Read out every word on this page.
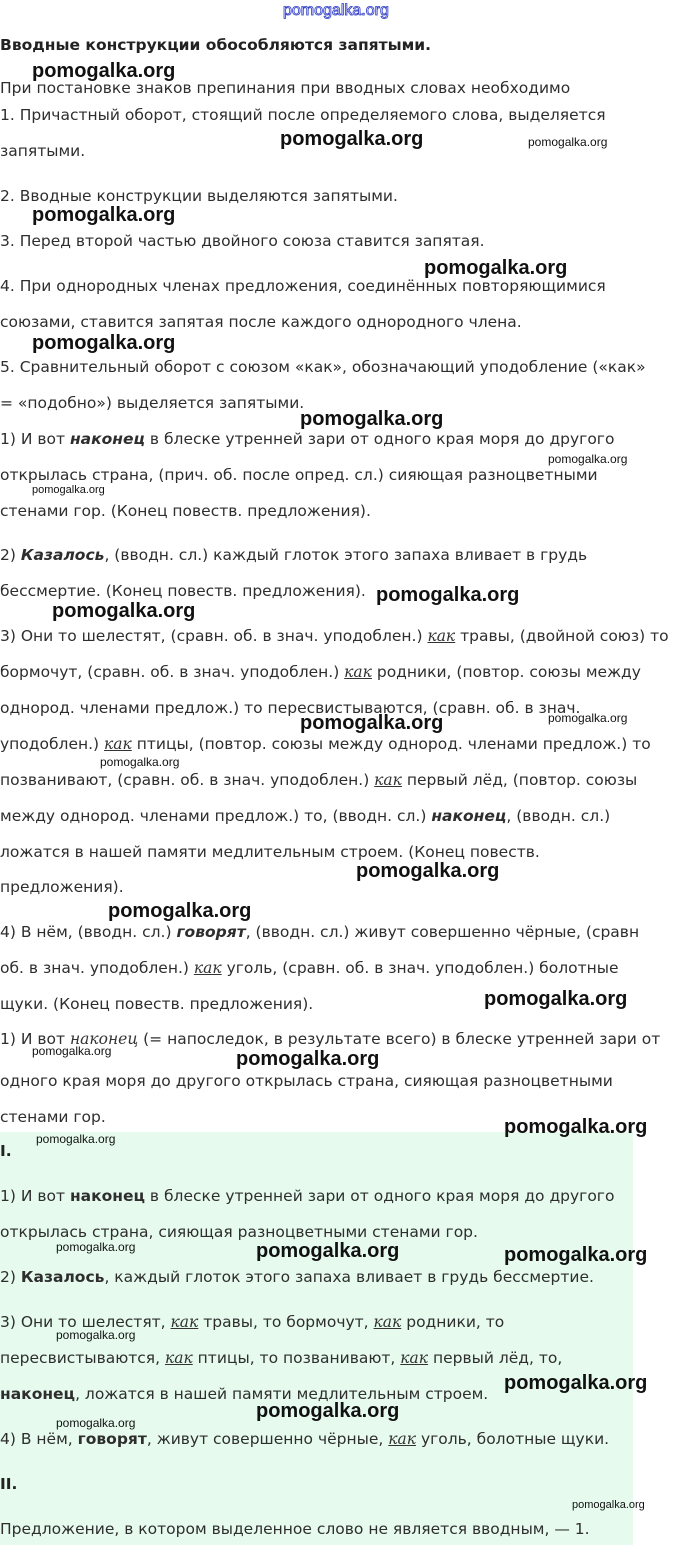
pomogalka.org
Вводные конструкции обособляются запятыми.
При постановке знаков препинания при вводных словах необходимо
1. Причастный оборот, стоящий после определяемого слова, выделяется
запятыми.
2. Вводные конструкции выделяются запятыми.
3. Перед второй частью двойного союза ставится запятая.
4. При однородных членах предложения, соединённых повторяющимися
союзами, ставится запятая после каждого однородного члена.
5. Сравнительный оборот с союзом «как», обозначающий уподобление («как»
= «подобно») выделяется запятыми.
1) И вот наконец в блеске утренней зари от одного края моря до другого
открылась страна, (прич. об. после опред. сл.) сияющая разноцветными
стенами гор. (Конец повеств. предложения).
2) Казалось, (вводн. сл.) каждый глоток этого запаха вливает в грудь
бессмертие. (Конец повеств. предложения).
3) Они то шелестят, (сравн. об. в знач. уподоблен.) как травы, (двойной союз) то
бормочут, (сравн. об. в знач. уподоблен.) как родники, (повтор. союзы между
однород. членами предлож.) то пересвистываются, (сравн. об. в знач.
уподоблен.) как птицы, (повтор. союзы между однород. членами предлож.) то
позванивают, (сравн. об. в знач. уподоблен.) как первый лёд, (повтор. союзы
между однород. членами предлож.) то, (вводн. сл.) наконец, (вводн. сл.)
ложатся в нашей памяти медлительным строем. (Конец повеств.
предложения).
4) В нём, (вводн. сл.) говорят, (вводн. сл.) живут совершенно чёрные, (сравн
об. в знач. уподоблен.) как уголь, (сравн. об. в знач. уподоблен.) болотные
щуки. (Конец повеств. предложения).
1) И вот наконец (= напоследок, в результате всего) в блеске утренней зари от
одного края моря до другого открылась страна, сияющая разноцветными
стенами гор.
I.
1) И вот наконец в блеске утренней зари от одного края моря до другого
открылась страна, сияющая разноцветными стенами гор.
2) Казалось, каждый глоток этого запаха вливает в грудь бессмертие.
3) Они то шелестят, как травы, то бормочут, как родники, то
пересвистываются, как птицы, то позванивают, как первый лёд, то,
наконец, ложатся в нашей памяти медлительным строем.
4) В нём, говорят, живут совершенно чёрные, как уголь, болотные щуки.
II.
Предложение, в котором выделенное слово не является вводным, — 1.
pomogalka.org
pomogalka.org	pomogalka.org
pomogalka.org
pomogalka.org
pomogalka.org
pomogalka.org
pomogalka.org
pomogalka.org
pomogalka.org
pomogalka.org
pomogalka.org	pomogalka.org
pomogalka.org
pomogalka.org
pomogalka.org
pomogalka.org
pomogalka.org	pomogalka.org
pomogalka.org
pomogalka.org
pomogalka.org	pomogalka.org	pomogalka.org
pomogalka.org
pomogalka.org
pomogalka.org
pomogalka.org
pomogalka.org
